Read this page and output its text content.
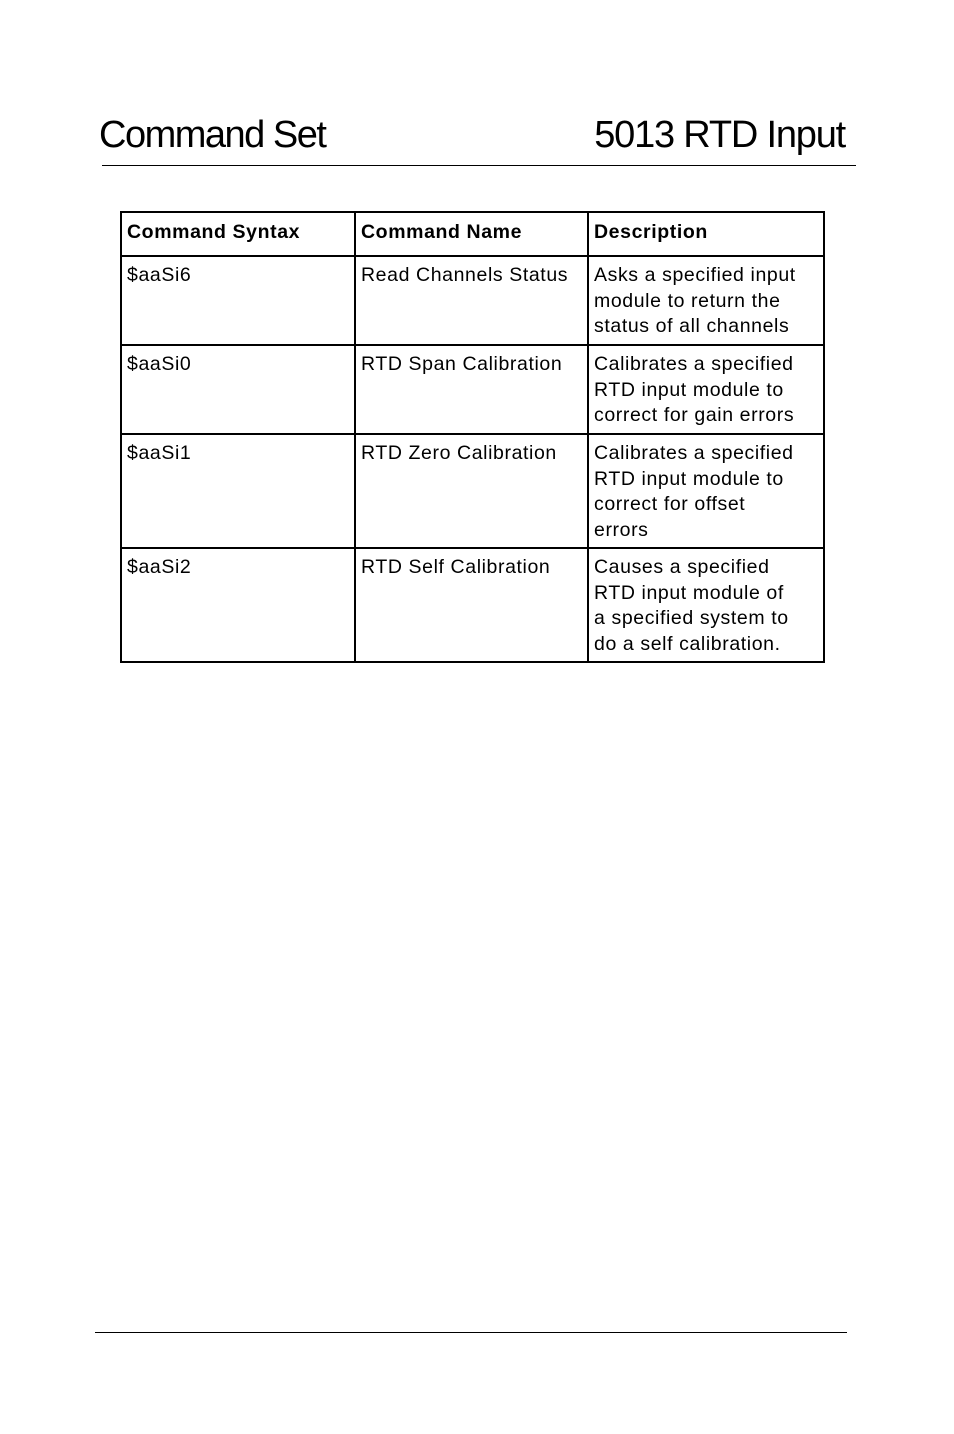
Command Set	5013 RTD Input
Command Syntax	Command Name	Description
$aaSi6	Read Channels Status	Asks a specified input
module to return the
status of all channels
$aaSi0	RTD Span Calibration	Calibrates a specified
RTD input module to
correct for gain errors
$aaSi1	RTD Zero Calibration	Calibrates a specified
RTD input module to
correct for offset
errors
$aaSi2	RTD Self Calibration	Causes a specified
RTD input module of
a specified system to
do a self calibration.
